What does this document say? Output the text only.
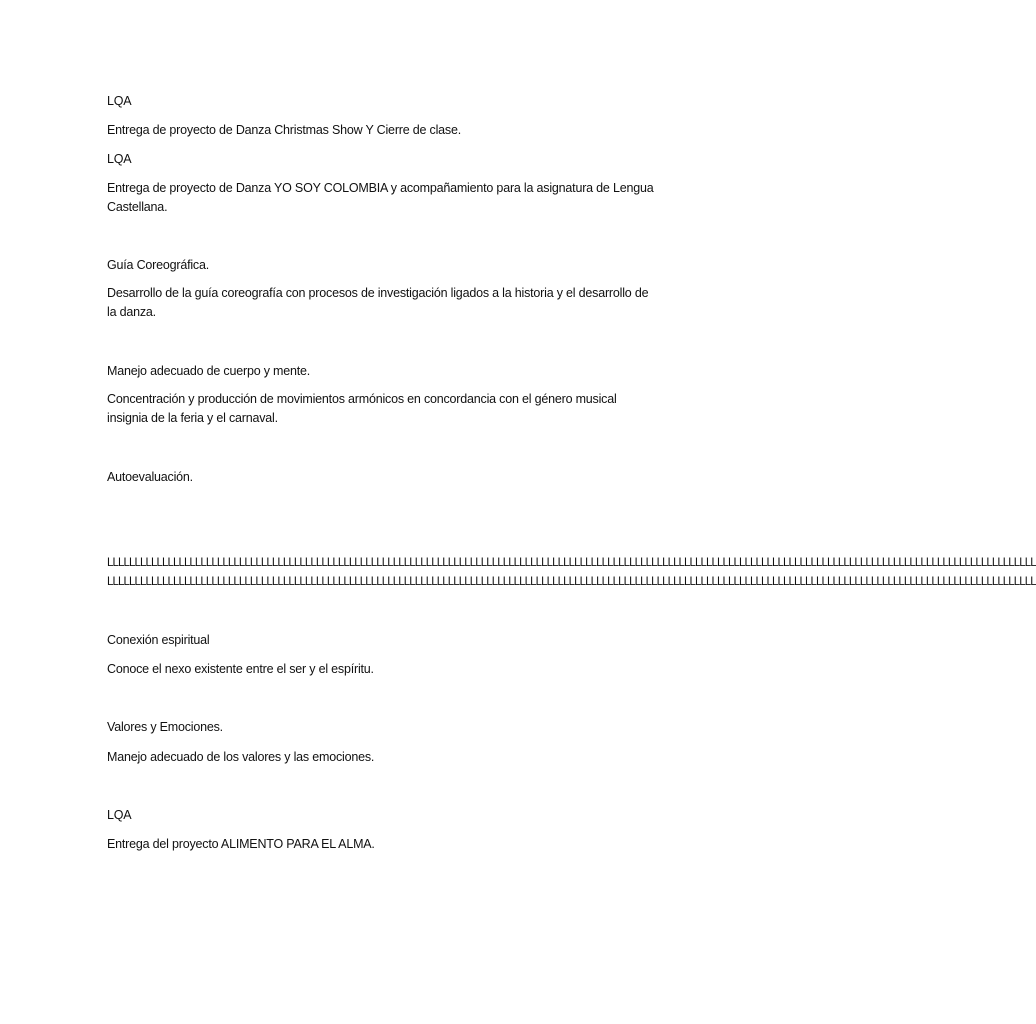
LQA
Entrega de proyecto de Danza Christmas Show Y Cierre de clase.
LQA
Entrega de proyecto de Danza YO SOY COLOMBIA y acompañamiento para la asignatura de Lengua Castellana.
Guía Coreográfica.
Desarrollo de la guía coreografía con procesos de investigación ligados a la historia y el desarrollo de la danza.
Manejo adecuado de cuerpo y mente.
Concentración y producción de movimientos armónicos en concordancia con el género musical insignia de la feria y el carnaval.
Autoevaluación.
LLLLLLLLLLLLLLLLLLLLLLLLLLLLLLLLLLLLLLLLLLLLLLLLLLLLLLLLLLLLLLLLLLLLLLLLLLLLLLLLLLLLLLLLLLLLLLLLLLLLLLLLLLLLLLLLLLLLLLLLLLLLLLLLLLLLLLLLLLLLLLLLLLLLLLLLLLLLLLLLLLLLLLLLL
LLLLLLLLLLLLLLLLLLLLLLLLLLLLLLLLLLLLLLLLLLLLLLLLLLLLLLLLLLLLLLLLLLLLLLLLLLLLLLLLLLLLLLLLLLLLLLLLLLLLLLLLLLLLLLLLLLLLLLLLLLLLLLLLLLLLLLLLLLLLLLLLLLLLLLLLLLLLLLLLLLLLLLLLL
Conexión espiritual
Conoce el nexo existente entre el ser y el espíritu.
Valores y Emociones.
Manejo adecuado de los valores y las emociones.
LQA
Entrega del proyecto ALIMENTO PARA EL ALMA.
